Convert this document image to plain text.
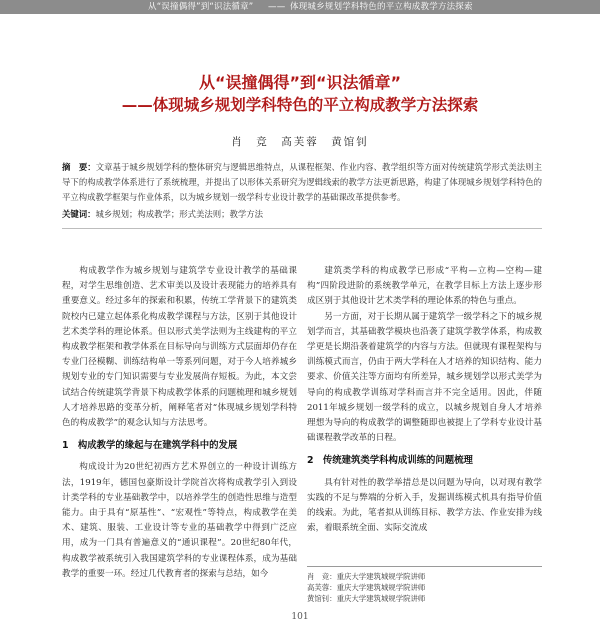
从“误撞偶得”到“识法循章” —— 体现城乡规划学科特色的平立构成教学方法探索
从“误撞偶得”到“识法循章”
——体现城乡规划学科特色的平立构成教学方法探索
肖　竞　高芙蓉　黄馆钊
摘　要：文章基于城乡规划学科的整体研究与逻辑思维特点，从课程框架、作业内容、教学组织等方面对传统建筑学形式美法则主导下的构成教学体系进行了系统梳理，并提出了以形体关系研究为逻辑线索的教学方法更新思路，构建了体现城乡规划学科特色的平立构成教学框架与作业体系，以为城乡规划一级学科专业设计教学的基础课改革提供参考。
关键词：城乡规划；构成教学；形式美法则；教学方法

构成教学作为城乡规划与建筑学专业设计教学的基础课程，对学生思维创造、艺术审美以及设计表现能力的培养具有重要意义。经过多年的探索和积累，传统工学背景下的建筑类院校内已建立起体系化构成教学课程与方法，区别于其他设计艺术类学科的理论体系。但以形式美学法则为主线建构的平立构成教学框架和教学体系在目标导向与训练方式层面却仍存在专业门径模糊、训练结构单一等系列问题，对于今人培养城乡规划专业的专门知识需要与专业发展尚存短板。为此，本文尝试结合传统建筑学背景下构成教学体系的问题梳理和城乡规划人才培养思路的变革分析，阐释笔者对“体现城乡规划学科特色的构成教学”的观念认知与方法思考。

1　构成教学的缘起与在建筑学科中的发展

构成设计为20世纪初西方艺术界创立的一种设计训练方法，1919年，德国包豪斯设计学院首次将构成教学引入到设计类学科的专业基础教学中，以培养学生的创造性思维与造型能力。由于具有“原基性”、“宏观性”等特点，构成教学在美术、建筑、服装、工业设计等专业的基础教学中得到广泛应用，成为一门具有普遍意义的“通识课程”。20世纪80年代，构成教学被系统引入我国建筑学科的专业课程体系，成为基础教学的重要一环。经过几代教育者的探索与总结，如今

建筑类学科的构成教学已形成“平构—立构—空构—建构”四阶段进阶的系统教学单元，在教学目标上方法上逐步形成区别于其他设计艺术类学科的理论体系的特色与重点。

另一方面，对于长期从属于建筑学一级学科之下的城乡规划学而言，其基础教学模块也沿袭了建筑学教学体系，构成教学更是长期沿袭着建筑学的内容与方法。但就现有课程架构与训练模式而言，仍由于两大学科在人才培养的知识结构、能力要求、价值关注等方面均有所差异，城乡规划学以形式美学为导向的构成教学训练对学科而言并不完全适用。因此，伴随2011年城乡规划一级学科的成立，以城乡规划自身人才培养理想为导向的构成教学的调整随即也被提上了学科专业设计基础课程教学改革的日程。

2　传统建筑类学科构成训练的问题梳理

具有针对性的教学举措总是以问题为导向，以对现有教学实践的不足与弊端的分析入手，发掘训练模式机具有指导价值的线索。为此，笔者拟从训练目标、教学方法、作业安排为线索，着眼系统全面、实际交流成

肖　竞：重庆大学建筑城规学院讲师
高芙蓉：重庆大学建筑城规学院讲师
黄馆钊：重庆大学建筑城规学院讲师
101
